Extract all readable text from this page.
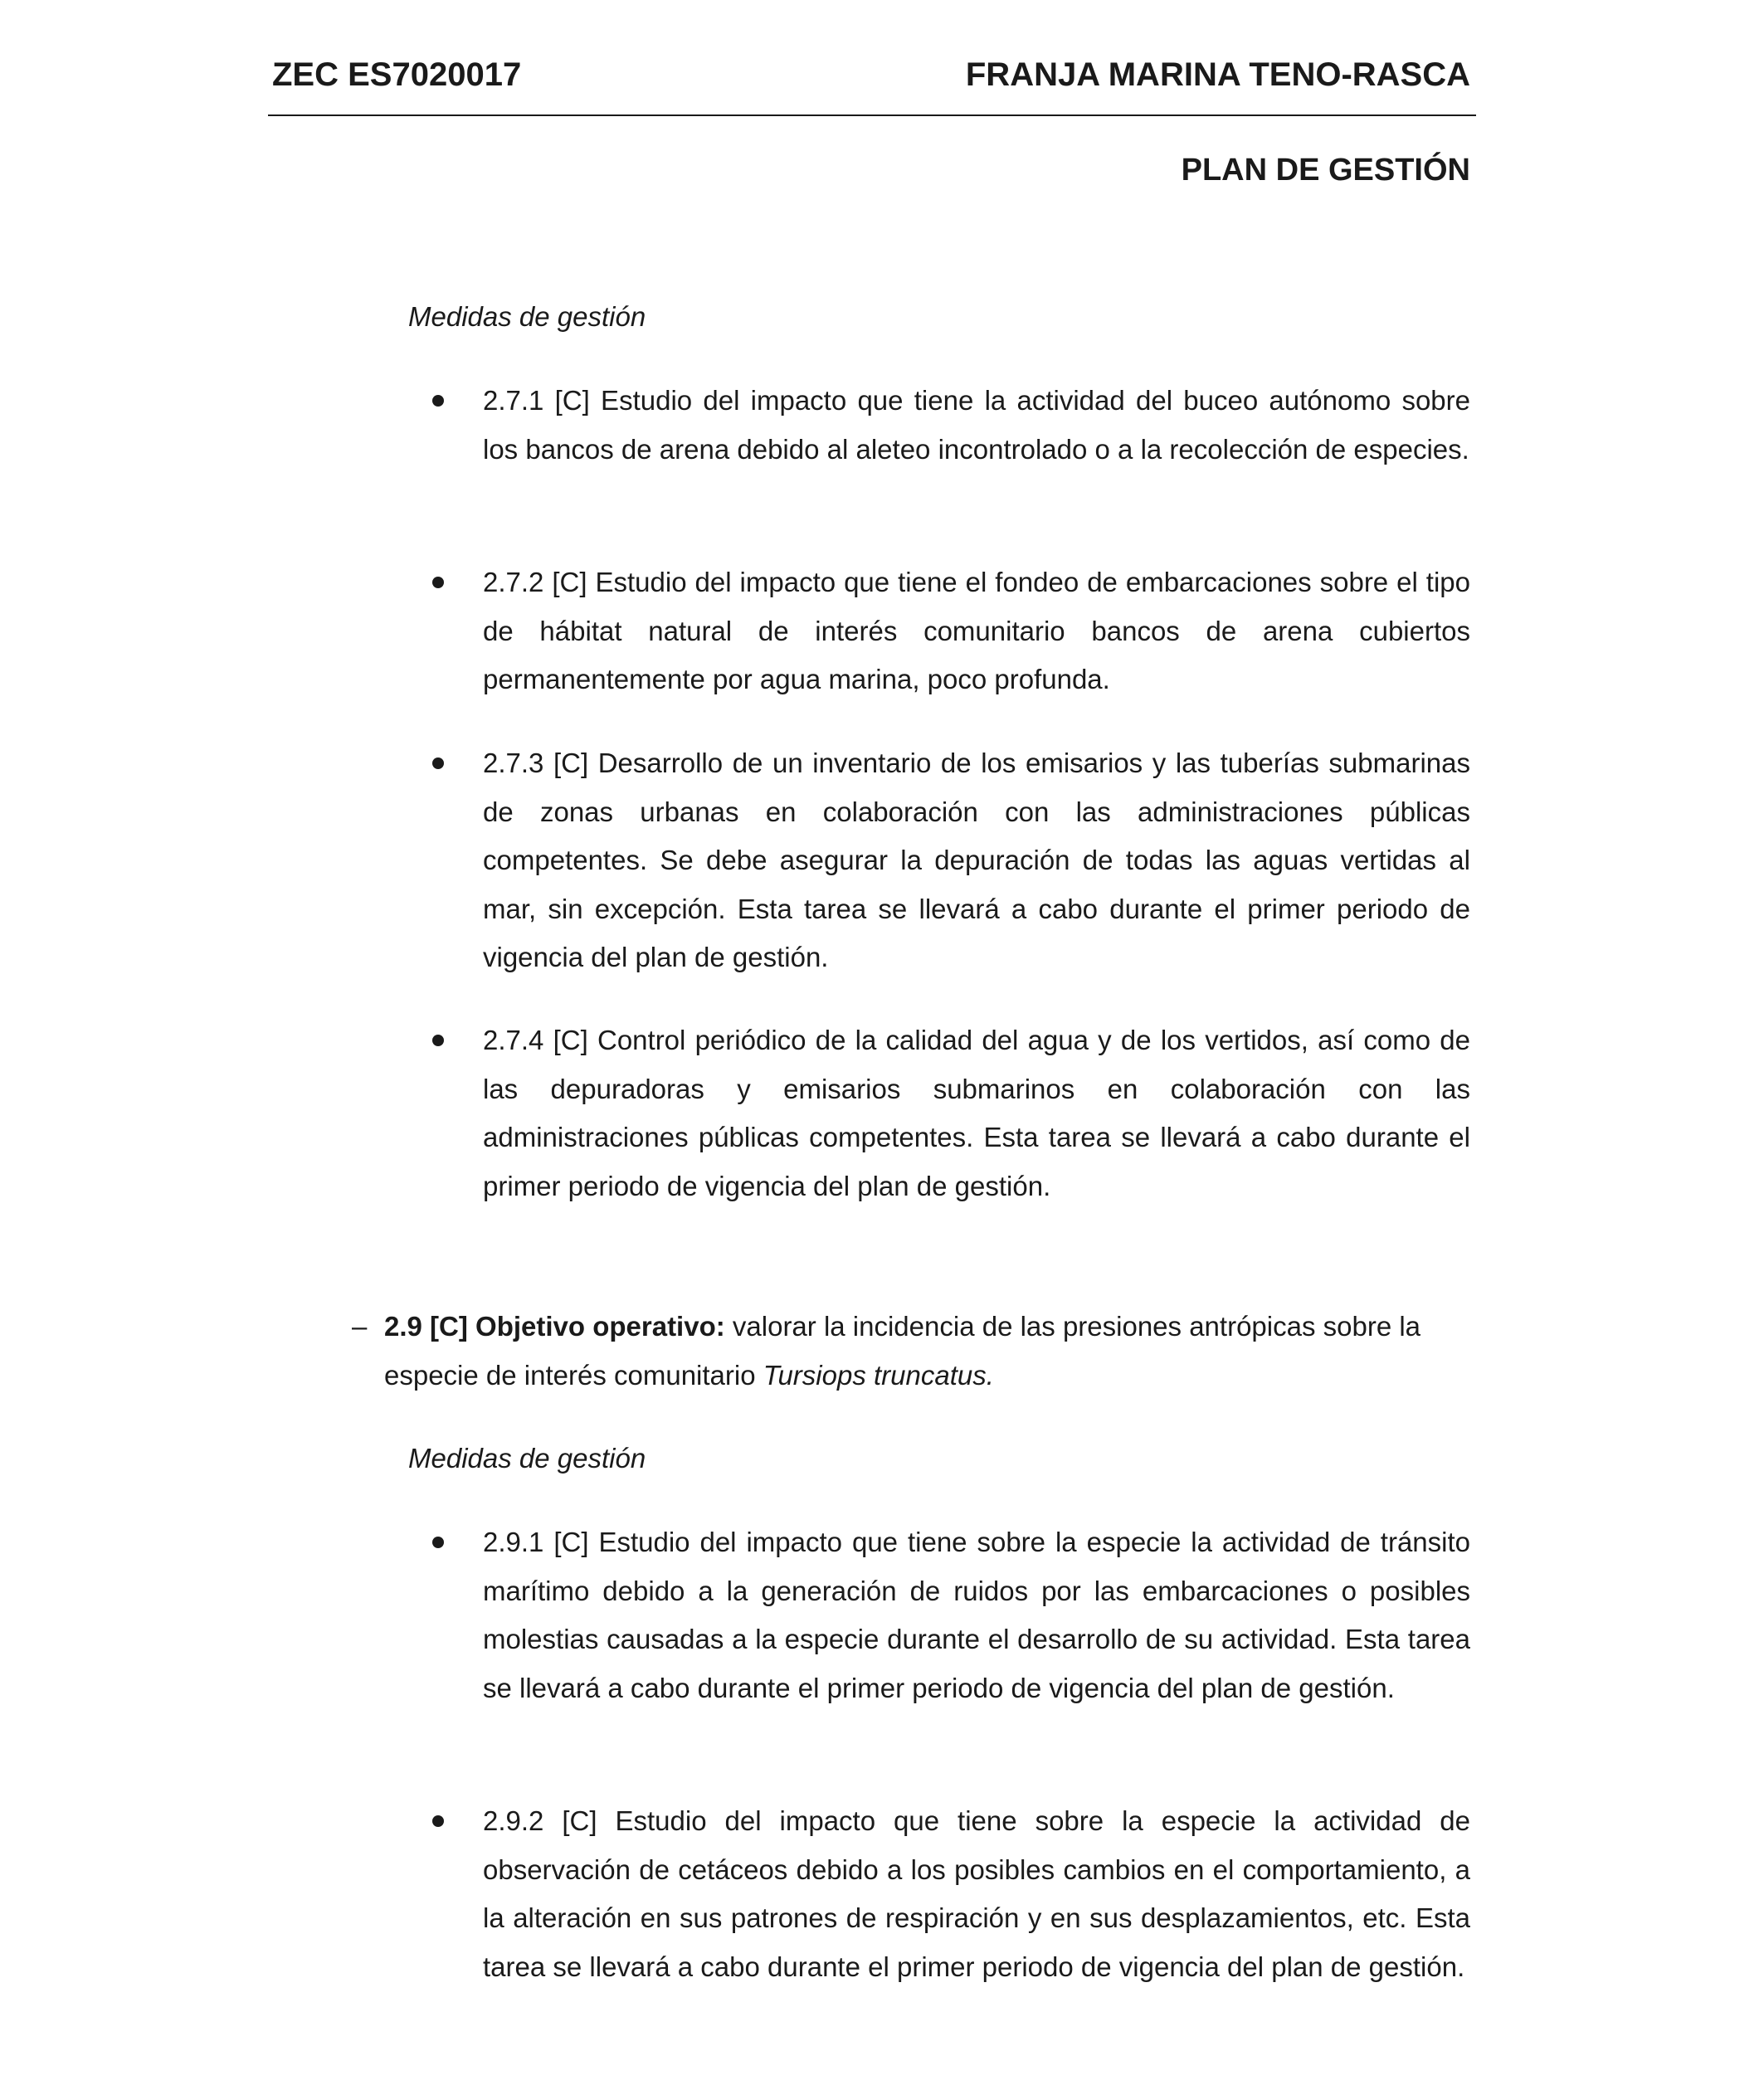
ZEC ES7020017	FRANJA MARINA TENO-RASCA
PLAN DE GESTIÓN
Medidas de gestión
2.7.1 [C] Estudio del impacto que tiene la actividad del buceo autónomo sobre los bancos de arena debido al aleteo incontrolado o a la recolección de especies.
2.7.2 [C] Estudio del impacto que tiene el fondeo de embarcaciones sobre el tipo de hábitat natural de interés comunitario bancos de arena cubiertos permanentemente por agua marina, poco profunda.
2.7.3 [C] Desarrollo de un inventario de los emisarios y las tuberías submarinas de zonas urbanas en colaboración con las administraciones públicas competentes. Se debe asegurar la depuración de todas las aguas vertidas al mar, sin excepción. Esta tarea se llevará a cabo durante el primer periodo de vigencia del plan de gestión.
2.7.4 [C] Control periódico de la calidad del agua y de los vertidos, así como de las depuradoras y emisarios submarinos en colaboración con las administraciones públicas competentes. Esta tarea se llevará a cabo durante el primer periodo de vigencia del plan de gestión.
– 2.9 [C] Objetivo operativo: valorar la incidencia de las presiones antrópicas sobre la especie de interés comunitario Tursiops truncatus.
Medidas de gestión
2.9.1 [C] Estudio del impacto que tiene sobre la especie la actividad de tránsito marítimo debido a la generación de ruidos por las embarcaciones o posibles molestias causadas a la especie durante el desarrollo de su actividad. Esta tarea se llevará a cabo durante el primer periodo de vigencia del plan de gestión.
2.9.2 [C] Estudio del impacto que tiene sobre la especie la actividad de observación de cetáceos debido a los posibles cambios en el comportamiento, a la alteración en sus patrones de respiración y en sus desplazamientos, etc. Esta tarea se llevará a cabo durante el primer periodo de vigencia del plan de gestión.
